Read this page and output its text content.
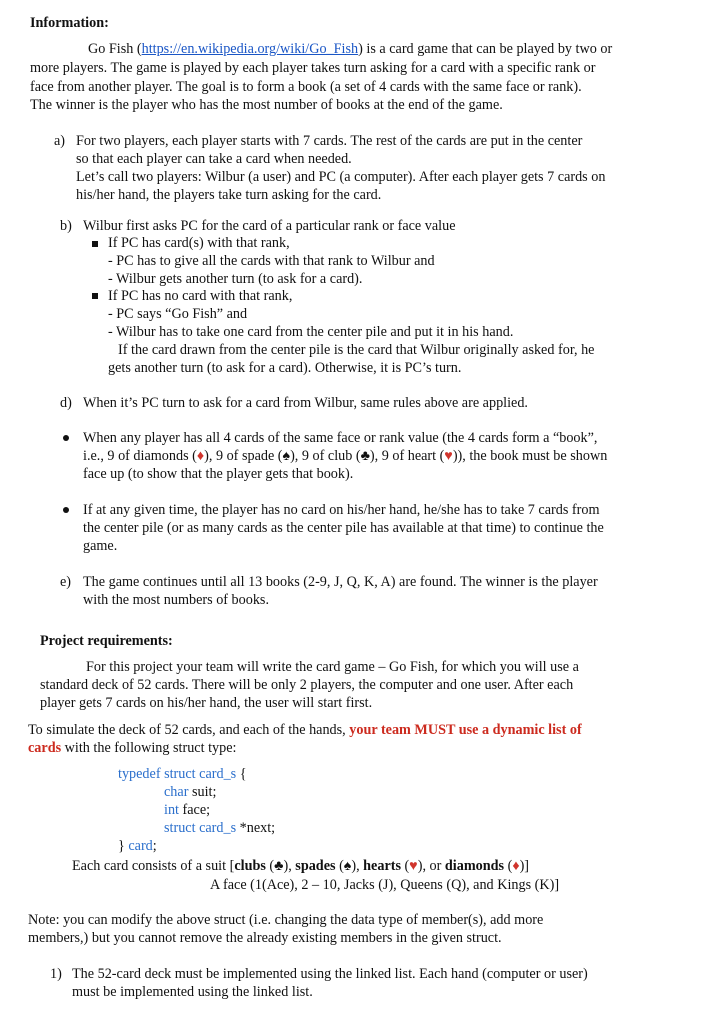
Information:
Go Fish (https://en.wikipedia.org/wiki/Go_Fish) is a card game that can be played by two or
more players. The game is played by each player takes turn asking for a card with a specific rank or
face from another player. The goal is to form a book (a set of 4 cards with the same face or rank).
The winner is the player who has the most number of books at the end of the game.
a) For two players, each player starts with 7 cards. The rest of the cards are put in the center
so that each player can take a card when needed.
Let’s call two players: Wilbur (a user) and PC (a computer). After each player gets 7 cards on
his/her hand, the players take turn asking for the card.
b) Wilbur first asks PC for the card of a particular rank or face value
If PC has card(s) with that rank,
- PC has to give all the cards with that rank to Wilbur and
- Wilbur gets another turn (to ask for a card).
If PC has no card with that rank,
- PC says “Go Fish” and
- Wilbur has to take one card from the center pile and put it in his hand.
If the card drawn from the center pile is the card that Wilbur originally asked for, he
gets another turn (to ask for a card). Otherwise, it is PC’s turn.
d) When it’s PC turn to ask for a card from Wilbur, same rules above are applied.
When any player has all 4 cards of the same face or rank value (the 4 cards form a “book”,
i.e., 9 of diamonds (♦), 9 of spade (♠), 9 of club (♣), 9 of heart (♥)), the book must be shown
face up (to show that the player gets that book).
If at any given time, the player has no card on his/her hand, he/she has to take 7 cards from
the center pile (or as many cards as the center pile has available at that time) to continue the
game.
e) The game continues until all 13 books (2-9, J, Q, K, A) are found. The winner is the player
with the most numbers of books.
Project requirements:
For this project your team will write the card game – Go Fish, for which you will use a
standard deck of 52 cards. There will be only 2 players, the computer and one user. After each
player gets 7 cards on his/her hand, the user will start first.
To simulate the deck of 52 cards, and each of the hands, your team MUST use a dynamic list of
cards with the following struct type:
typedef struct card_s {
char suit;
int face;
struct card_s *next;
} card;
Each card consists of a suit [clubs (♣), spades (♠), hearts (♥), or diamonds (♦)]
A face (1(Ace), 2 – 10, Jacks (J), Queens (Q), and Kings (K)]
Note: you can modify the above struct (i.e. changing the data type of member(s), add more
members,) but you cannot remove the already existing members in the given struct.
1) The 52-card deck must be implemented using the linked list. Each hand (computer or user)
must be implemented using the linked list.
